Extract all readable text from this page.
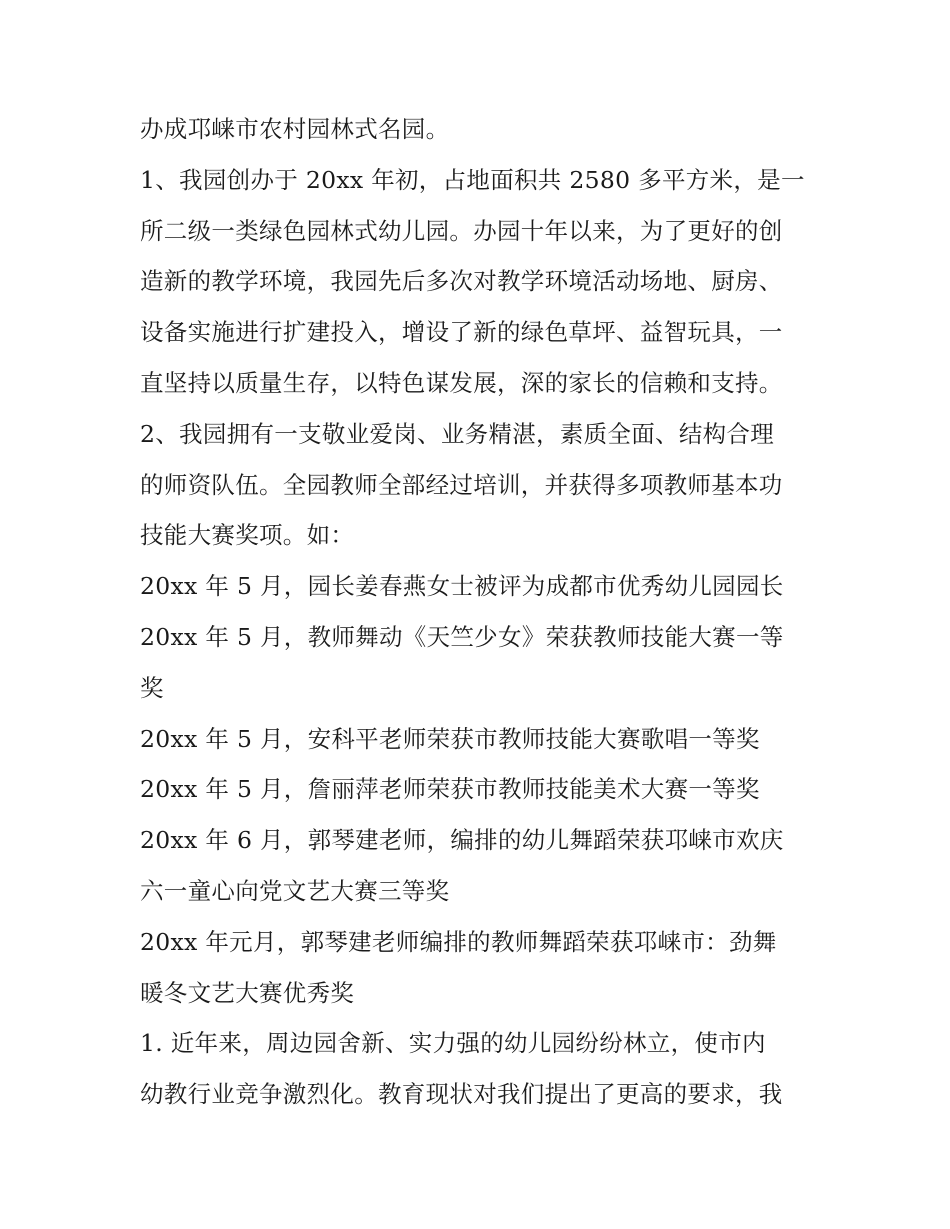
办成邛崃市农村园林式名园。
1、我园创办于 20xx 年初，占地面积共 2580 多平方米，是一
所二级一类绿色园林式幼儿园。办园十年以来，为了更好的创
造新的教学环境，我园先后多次对教学环境活动场地、厨房、
设备实施进行扩建投入，增设了新的绿色草坪、益智玩具，一
直坚持以质量生存，以特色谋发展，深的家长的信赖和支持。
2、我园拥有一支敬业爱岗、业务精湛，素质全面、结构合理
的师资队伍。全园教师全部经过培训，并获得多项教师基本功
技能大赛奖项。如：
20xx 年 5 月，园长姜春燕女士被评为成都市优秀幼儿园园长
20xx 年 5 月，教师舞动《天竺少女》荣获教师技能大赛一等
奖
20xx 年 5 月，安科平老师荣获市教师技能大赛歌唱一等奖
20xx 年 5 月，詹丽萍老师荣获市教师技能美术大赛一等奖
20xx 年 6 月，郭琴建老师，编排的幼儿舞蹈荣获邛崃市欢庆
六一童心向党文艺大赛三等奖
20xx 年元月，郭琴建老师编排的教师舞蹈荣获邛崃市：劲舞
暖冬文艺大赛优秀奖
1. 近年来，周边园舍新、实力强的幼儿园纷纷林立，使市内
幼教行业竞争激烈化。教育现状对我们提出了更高的要求，我
